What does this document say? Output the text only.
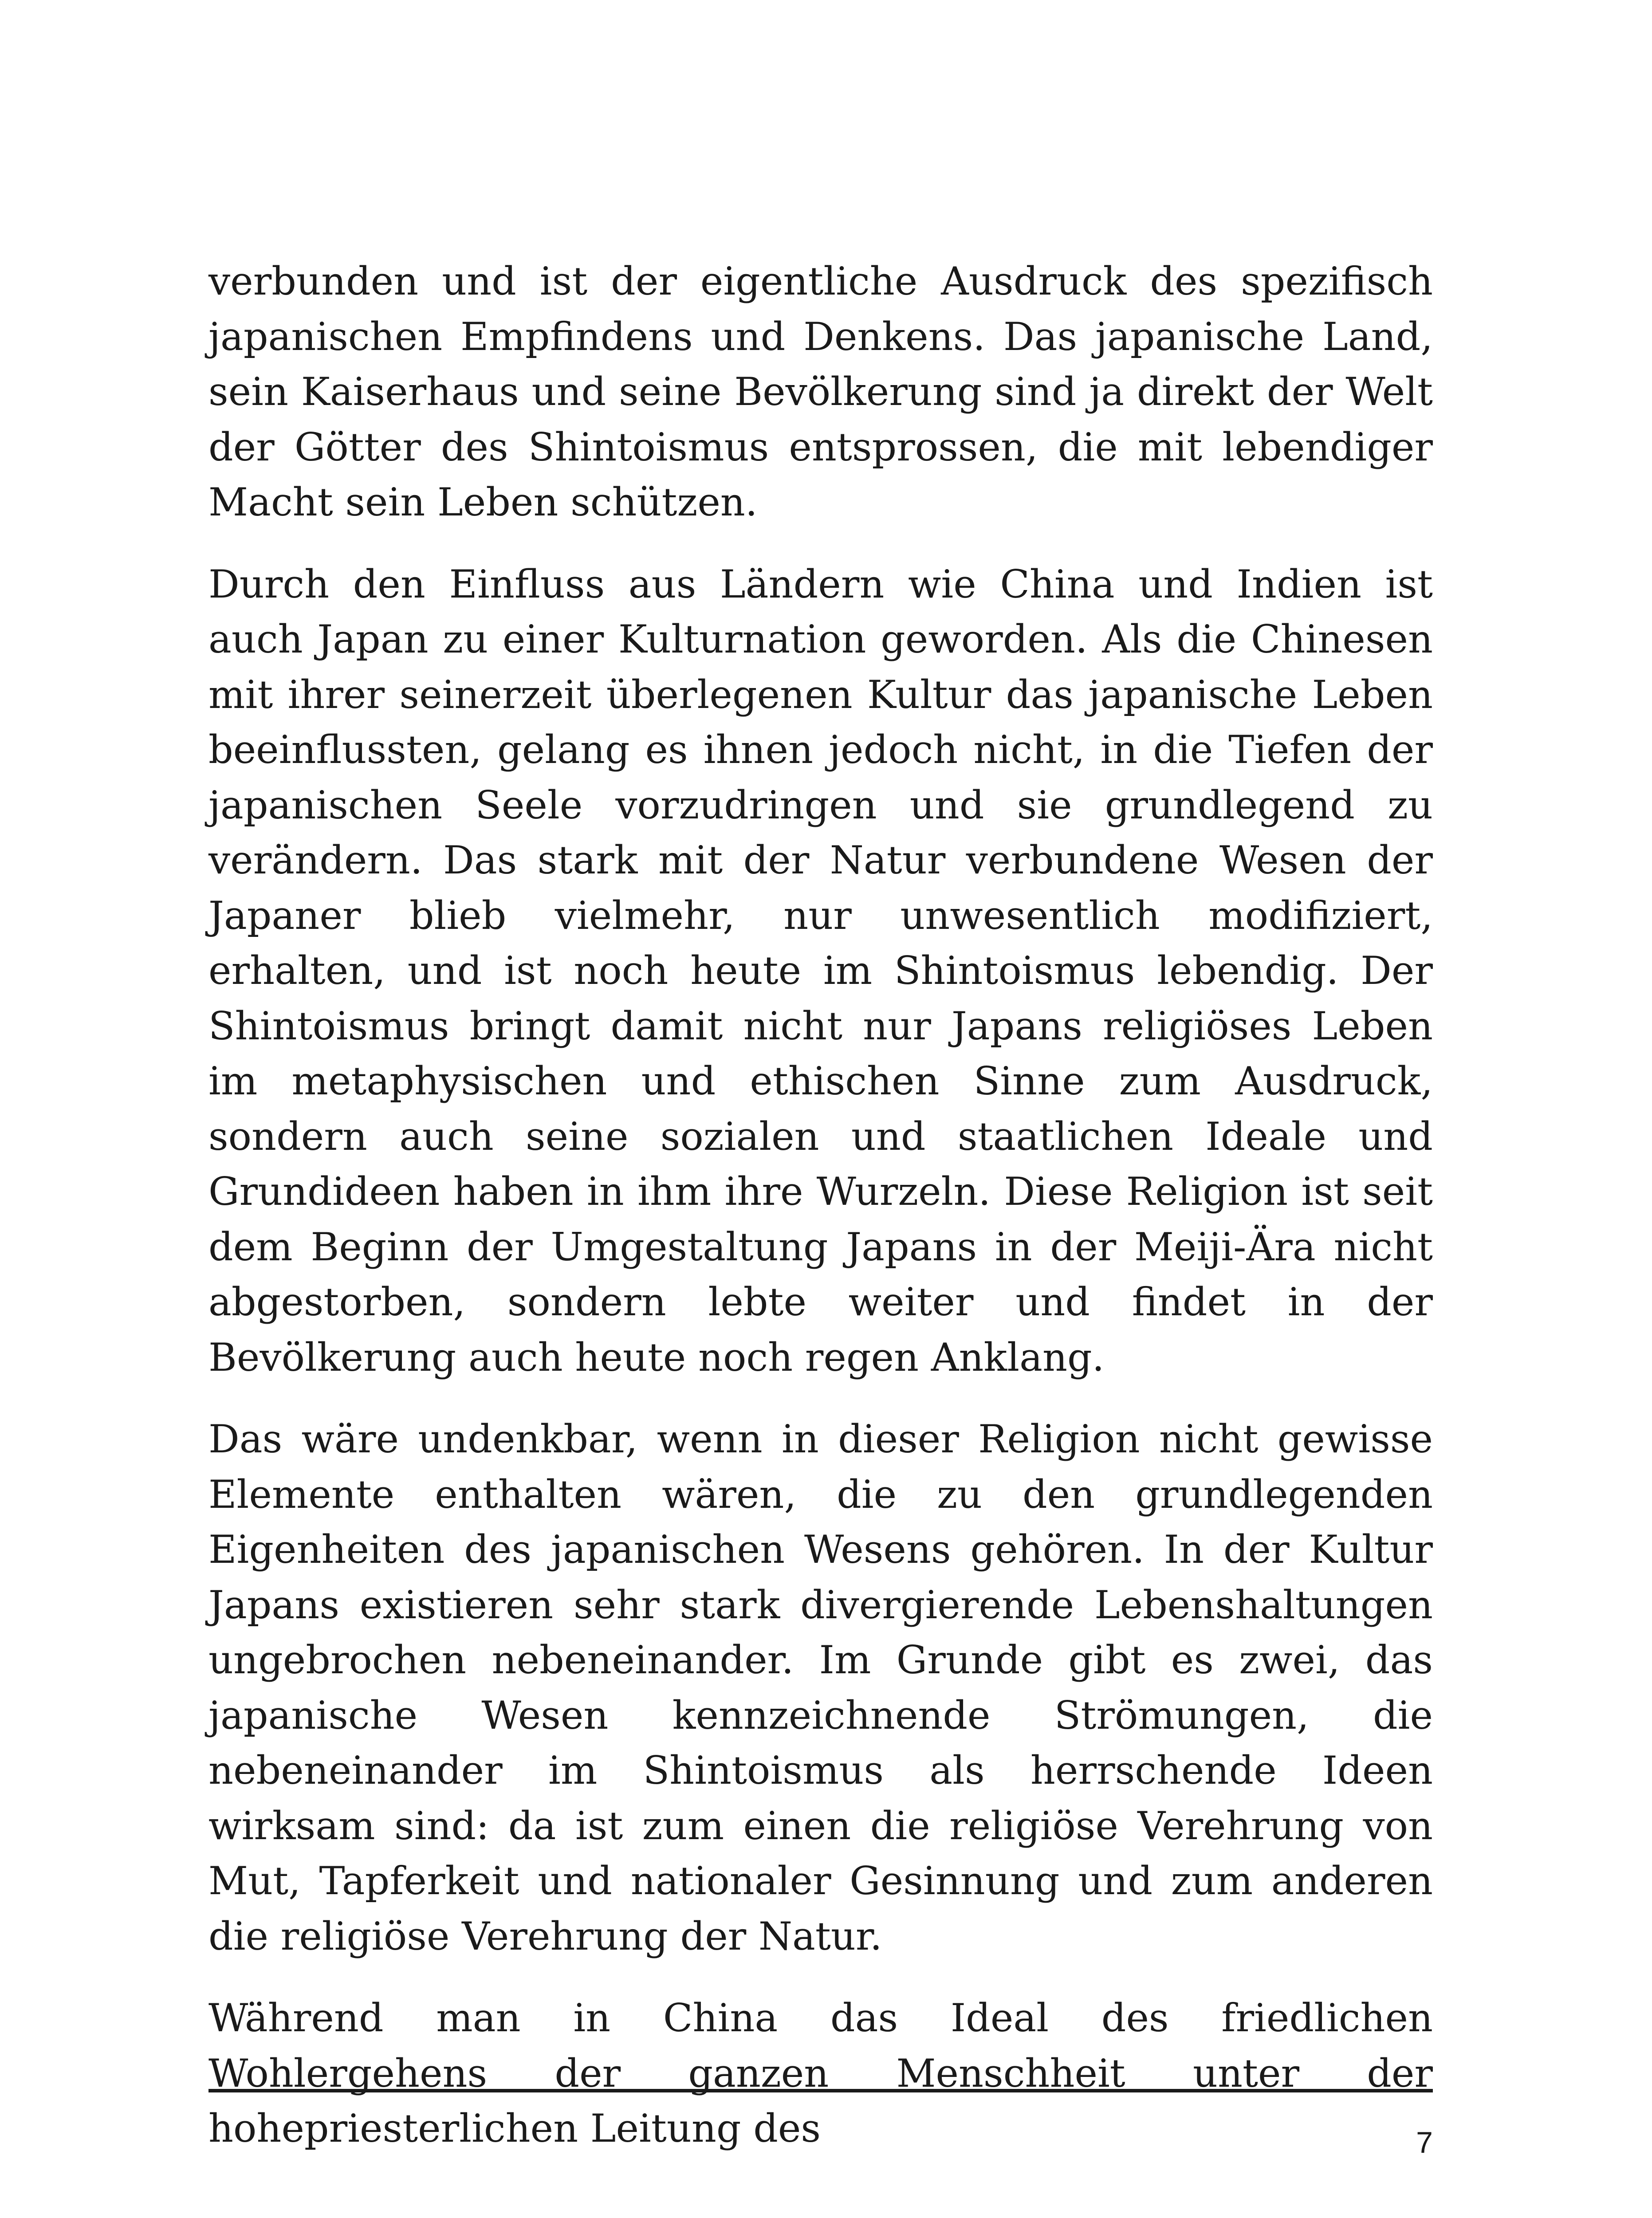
verbunden und ist der eigentliche Ausdruck des spezifisch japanischen Empfindens und Denkens. Das japanische Land, sein Kaiserhaus und seine Bevölkerung sind ja direkt der Welt der Götter des Shintoismus entsprossen, die mit lebendiger Macht sein Leben schützen.

Durch den Einfluss aus Ländern wie China und Indien ist auch Japan zu einer Kulturnation geworden. Als die Chinesen mit ihrer seinerzeit überlegenen Kultur das japanische Leben beeinflussten, gelang es ihnen jedoch nicht, in die Tiefen der japanischen Seele vorzudringen und sie grundlegend zu verändern. Das stark mit der Natur verbundene Wesen der Japaner blieb vielmehr, nur unwesentlich modifiziert, erhalten, und ist noch heute im Shintoismus lebendig. Der Shintoismus bringt damit nicht nur Japans religiöses Leben im metaphysischen und ethischen Sinne zum Ausdruck, sondern auch seine sozialen und staatlichen Ideale und Grundideen haben in ihm ihre Wurzeln. Diese Religion ist seit dem Beginn der Umgestaltung Japans in der Meiji-Ära nicht abgestorben, sondern lebte weiter und findet in der Bevölkerung auch heute noch regen Anklang.

Das wäre undenkbar, wenn in dieser Religion nicht gewisse Elemente enthalten wären, die zu den grundlegenden Eigenheiten des japanischen Wesens gehören. In der Kultur Japans existieren sehr stark divergierende Lebenshaltungen ungebrochen nebeneinander. Im Grunde gibt es zwei, das japanische Wesen kennzeichnende Strömungen, die nebeneinander im Shintoismus als herrschende Ideen wirksam sind: da ist zum einen die religiöse Verehrung von Mut, Tapferkeit und nationaler Gesinnung und zum anderen die religiöse Verehrung der Natur.

Während man in China das Ideal des friedlichen Wohlergehens der ganzen Menschheit unter der hohepriesterlichen Leitung des	7
